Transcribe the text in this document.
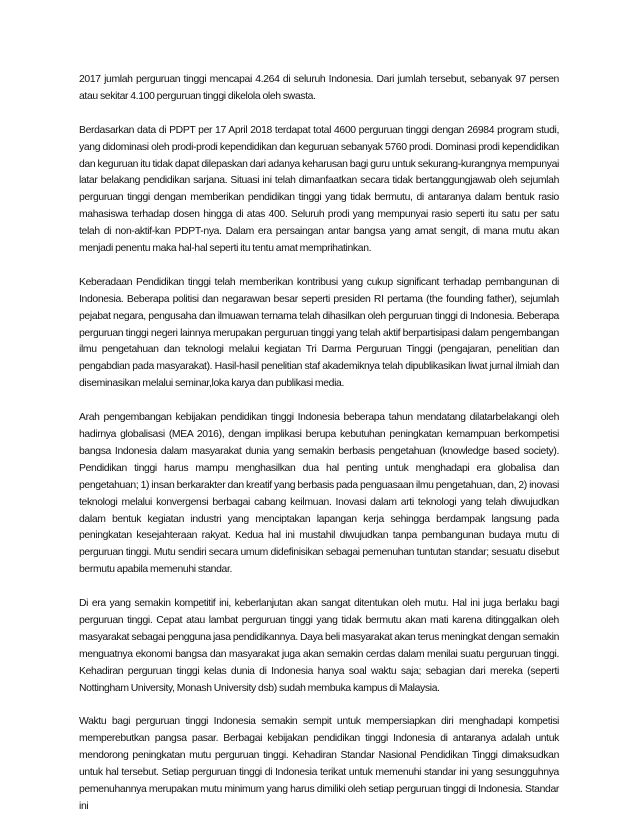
2017 jumlah perguruan tinggi mencapai 4.264 di seluruh Indonesia. Dari jumlah tersebut, sebanyak 97 persen atau sekitar 4.100 perguruan tinggi dikelola oleh swasta.

Berdasarkan data di PDPT per 17 April 2018 terdapat total 4600 perguruan tinggi dengan 26984 program studi, yang didominasi oleh prodi-prodi kependidikan dan keguruan sebanyak 5760 prodi. Dominasi prodi kependidikan dan keguruan itu tidak dapat dilepaskan dari adanya keharusan bagi guru untuk sekurang-kurangnya mempunyai latar belakang pendidikan sarjana. Situasi ini telah dimanfaatkan secara tidak bertanggungjawab oleh sejumlah perguruan tinggi dengan memberikan pendidikan tinggi yang tidak bermutu, di antaranya dalam bentuk rasio mahasiswa terhadap dosen hingga di atas 400. Seluruh prodi yang mempunyai rasio seperti itu satu per satu telah di non-aktif-kan PDPT-nya. Dalam era persaingan antar bangsa yang amat sengit, di mana mutu akan menjadi penentu maka hal-hal seperti itu tentu amat memprihatinkan.

Keberadaan Pendidikan tinggi telah memberikan kontribusi yang cukup significant terhadap pembangunan di Indonesia. Beberapa politisi dan negarawan besar seperti presiden RI pertama (the founding father), sejumlah pejabat negara, pengusaha dan ilmuawan ternama telah dihasilkan oleh perguruan tinggi di Indonesia. Beberapa perguruan tinggi negeri lainnya merupakan perguruan tinggi yang telah aktif berpartisipasi dalam pengembangan ilmu pengetahuan dan teknologi melalui kegiatan Tri Darma Perguruan Tinggi (pengajaran, penelitian dan pengabdian pada masyarakat). Hasil-hasil penelitian staf akademiknya telah dipublikasikan liwat jurnal ilmiah dan diseminasikan melalui seminar,loka karya dan publikasi media.

Arah pengembangan kebijakan pendidikan tinggi Indonesia beberapa tahun mendatang dilatarbelakangi oleh hadirnya globalisasi (MEA 2016), dengan implikasi berupa kebutuhan peningkatan kemampuan berkompetisi bangsa Indonesia dalam masyarakat dunia yang semakin berbasis pengetahuan (knowledge based society). Pendidikan tinggi harus mampu menghasilkan dua hal penting untuk menghadapi era globalisa dan pengetahuan; 1) insan berkarakter dan kreatif yang berbasis pada penguasaan ilmu pengetahuan, dan, 2) inovasi teknologi melalui konvergensi berbagai cabang keilmuan. Inovasi dalam arti teknologi yang telah diwujudkan dalam bentuk kegiatan industri yang menciptakan lapangan kerja sehingga berdampak langsung pada peningkatan kesejahteraan rakyat. Kedua hal ini mustahil diwujudkan tanpa pembangunan budaya mutu di perguruan tinggi. Mutu sendiri secara umum didefinisikan sebagai pemenuhan tuntutan standar; sesuatu disebut bermutu apabila memenuhi standar.

Di era yang semakin kompetitif ini, keberlanjutan akan sangat ditentukan oleh mutu. Hal ini juga berlaku bagi perguruan tinggi. Cepat atau lambat perguruan tinggi yang tidak bermutu akan mati karena ditinggalkan oleh masyarakat sebagai pengguna jasa pendidikannya. Daya beli masyarakat akan terus meningkat dengan semakin menguatnya ekonomi bangsa dan masyarakat juga akan semakin cerdas dalam menilai suatu perguruan tinggi. Kehadiran perguruan tinggi kelas dunia di Indonesia hanya soal waktu saja; sebagian dari mereka (seperti Nottingham University, Monash University dsb) sudah membuka kampus di Malaysia.

Waktu bagi perguruan tinggi Indonesia semakin sempit untuk mempersiapkan diri menghadapi kompetisi memperebutkan pangsa pasar. Berbagai kebijakan pendidikan tinggi Indonesia di antaranya adalah untuk mendorong peningkatan mutu perguruan tinggi. Kehadiran Standar Nasional Pendidikan Tinggi dimaksudkan untuk hal tersebut. Setiap perguruan tinggi di Indonesia terikat untuk memenuhi standar ini yang sesungguhnya pemenuhannya merupakan mutu minimum yang harus dimiliki oleh setiap perguruan tinggi di Indonesia. Standar ini
